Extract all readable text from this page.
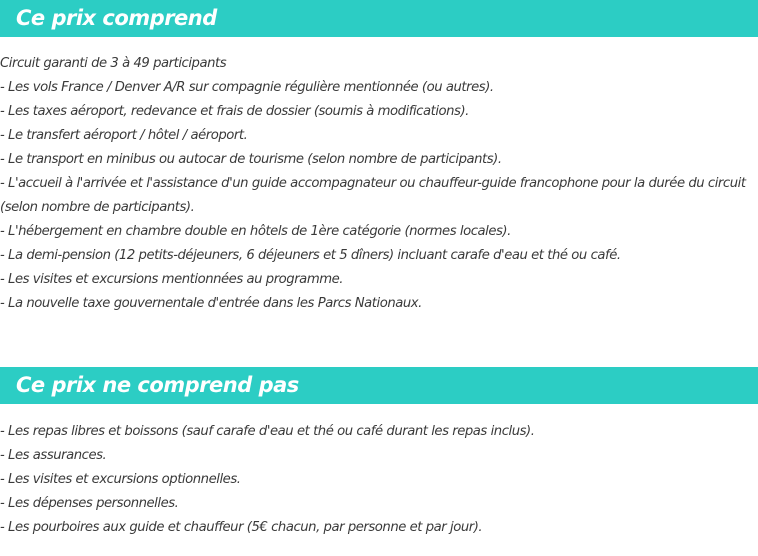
Ce prix comprend
Circuit garanti de 3 à 49 participants
- Les vols France / Denver A/R sur compagnie régulière mentionnée (ou autres).
- Les taxes aéroport, redevance et frais de dossier (soumis à modifications).
- Le transfert aéroport / hôtel / aéroport.
- Le transport en minibus ou autocar de tourisme (selon nombre de participants).
- L'accueil à l'arrivée et l'assistance d'un guide accompagnateur ou chauffeur-guide francophone pour la durée du circuit (selon nombre de participants).
- L'hébergement en chambre double en hôtels de 1ère catégorie (normes locales).
- La demi-pension (12 petits-déjeuners, 6 déjeuners et 5 dîners) incluant carafe d'eau et thé ou café.
- Les visites et excursions mentionnées au programme.
- La nouvelle taxe gouvernentale d'entrée dans les Parcs Nationaux.
Ce prix ne comprend pas
- Les repas libres et boissons (sauf carafe d'eau et thé ou café durant les repas inclus).
- Les assurances.
- Les visites et excursions optionnelles.
- Les dépenses personnelles.
- Les pourboires aux guide et chauffeur (5€ chacun, par personne et par jour).
